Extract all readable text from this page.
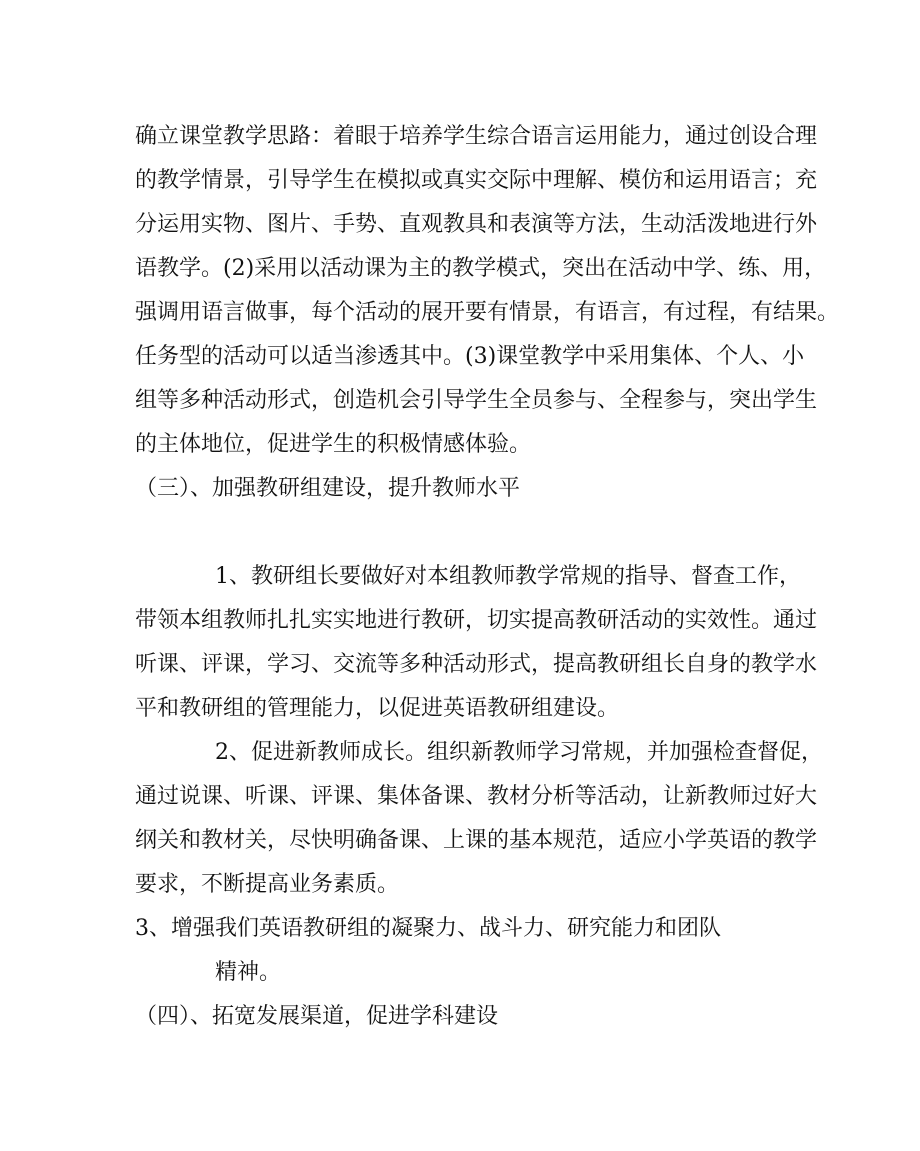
确立课堂教学思路：着眼于培养学生综合语言运用能力，通过创设合理

的教学情景，引导学生在模拟或真实交际中理解、模仿和运用语言；充

分运用实物、图片、手势、直观教具和表演等方法，生动活泼地进行外

语教学。(2)采用以活动课为主的教学模式，突出在活动中学、练、用，

强调用语言做事，每个活动的展开要有情景，有语言，有过程，有结果。

任务型的活动可以适当渗透其中。(3)课堂教学中采用集体、个人、小

组等多种活动形式，创造机会引导学生全员参与、全程参与，突出学生

的主体地位，促进学生的积极情感体验。

（三）、加强教研组建设，提升教师水平

1、教研组长要做好对本组教师教学常规的指导、督查工作，

带领本组教师扎扎实实地进行教研，切实提高教研活动的实效性。通过

听课、评课，学习、交流等多种活动形式，提高教研组长自身的教学水

平和教研组的管理能力，以促进英语教研组建设。

2、促进新教师成长。组织新教师学习常规，并加强检查督促，

通过说课、听课、评课、集体备课、教材分析等活动，让新教师过好大

纲关和教材关，尽快明确备课、上课的基本规范，适应小学英语的教学

要求，不断提高业务素质。

3、增强我们英语教研组的凝聚力、战斗力、研究能力和团队

精神。

（四）、拓宽发展渠道，促进学科建设
